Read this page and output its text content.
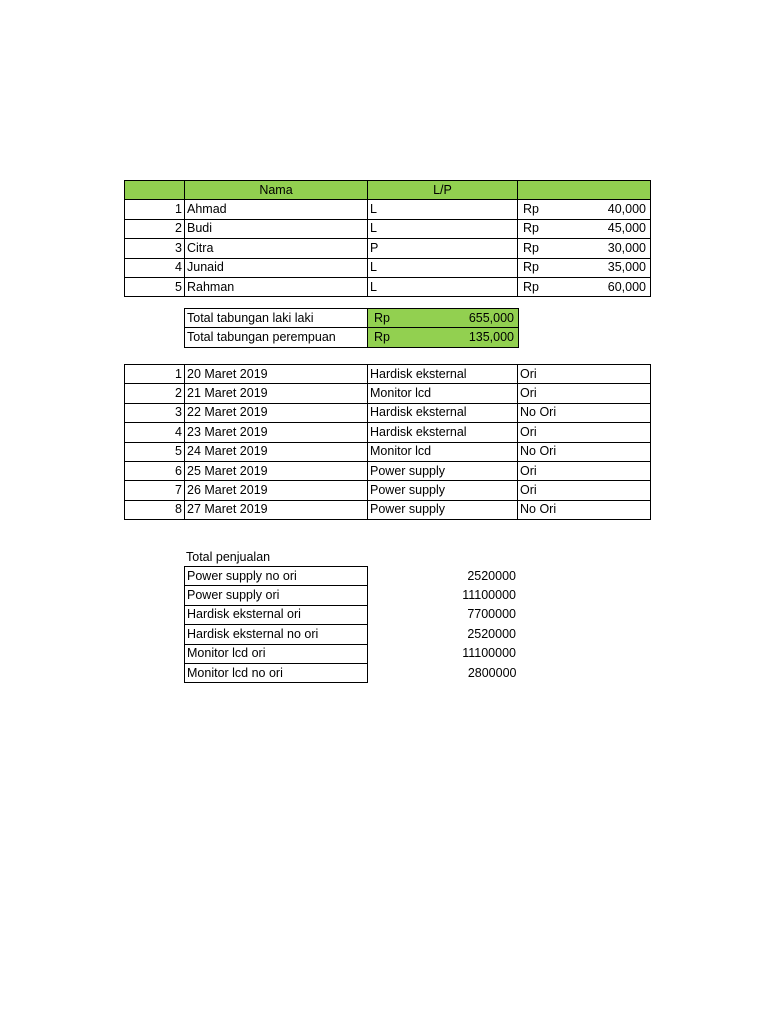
	Nama	L/P	
1	Ahmad	L	Rp 40,000

2	Budi	L	Rp 45,000

3	Citra	P	Rp 30,000

4	Junaid	L	Rp 35,000

5	Rahman	L	Rp 60,000
Total tabungan laki laki	Rp 655,000

Total tabungan perempuan	Rp 135,000
1	20 Maret 2019	Hardisk eksternal	Ori
2	21 Maret 2019	Monitor lcd	Ori
3	22 Maret 2019	Hardisk eksternal	No Ori
4	23 Maret 2019	Hardisk eksternal	Ori
5	24 Maret 2019	Monitor lcd	No Ori
6	25 Maret 2019	Power supply	Ori
7	26 Maret 2019	Power supply	Ori
8	27 Maret 2019	Power supply	No Ori
Total penjualan
Power supply no ori	2520000
Power supply ori	11100000
Hardisk eksternal ori	7700000
Hardisk eksternal no ori	2520000
Monitor lcd ori	11100000
Monitor lcd no ori	2800000
